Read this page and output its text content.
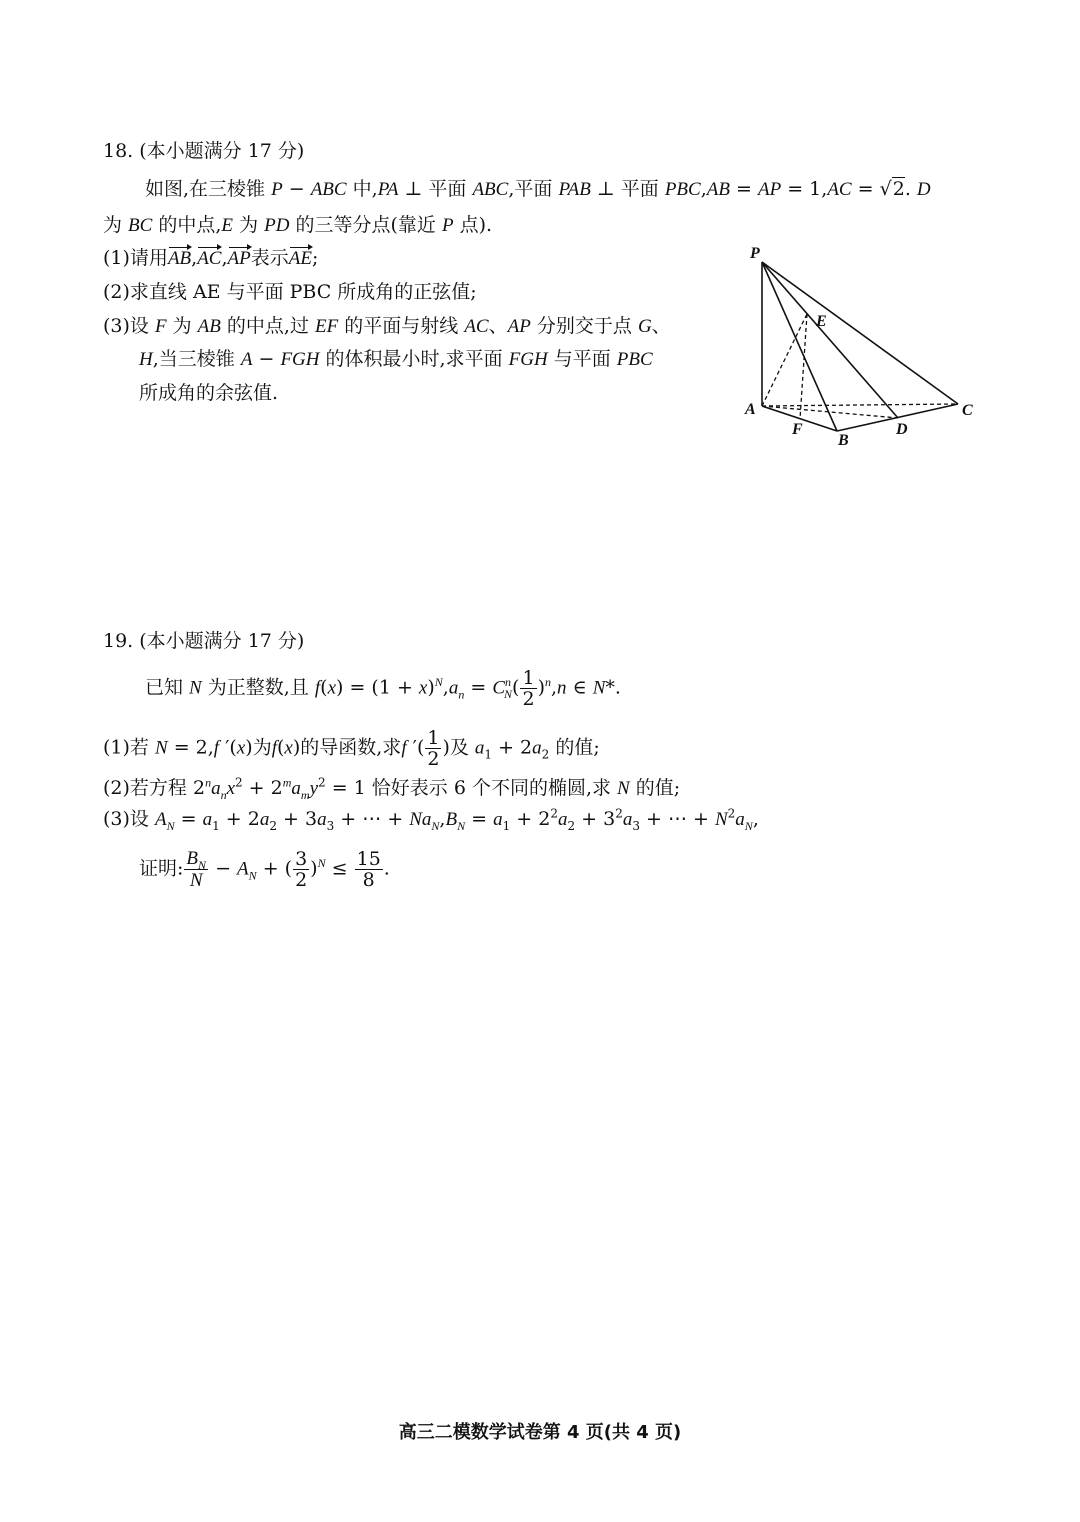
18. (本小题满分 17 分)
如图,在三棱锥 P − ABC 中,PA ⊥ 平面 ABC,平面 PAB ⊥ 平面 PBC,AB = AP = 1,AC = √2. D
为 BC 的中点,E 为 PD 的三等分点(靠近 P 点).
(1)请用AB,AC,AP表示AE;
(2)求直线 AE 与平面 PBC 所成角的正弦值;
(3)设 F 为 AB 的中点,过 EF 的平面与射线 AC、AP 分别交于点 G、
H,当三棱锥 A − FGH 的体积最小时,求平面 FGH 与平面 PBC
所成角的余弦值.
P
A
B
C
D
E
F
19. (本小题满分 17 分)
已知 N 为正整数,且 $f(x) = (1 + x)^N,a_n = C^n_N( \frac{1}{2} )^n,n$ ∈ N*.
(1)若 N = 2,f ′(x)为f(x)的导函数,求f ′( $\frac{1}{2}$ )及 $a_1 + 2a_2$ 的值;
(2)若方程 $2^na_nx^2 + 2^ma_my^2 = 1$ 恰好表示 6 个不同的椭圆,求 N 的值;
(3)设 $A_N = a_1 + 2a_2 + 3a_3$ + ⋯ + $Na_N,B_N = a_1 + 2^2a_2 + 3^2a_3$ + ⋯ + $N^2a_N$,
证明: $\frac{B_N}{N} - A_N$ + ( $\frac{3}{2} )^N \le \frac{15}{8}$ .
高三二模数学试卷第 4 页(共 4 页)
